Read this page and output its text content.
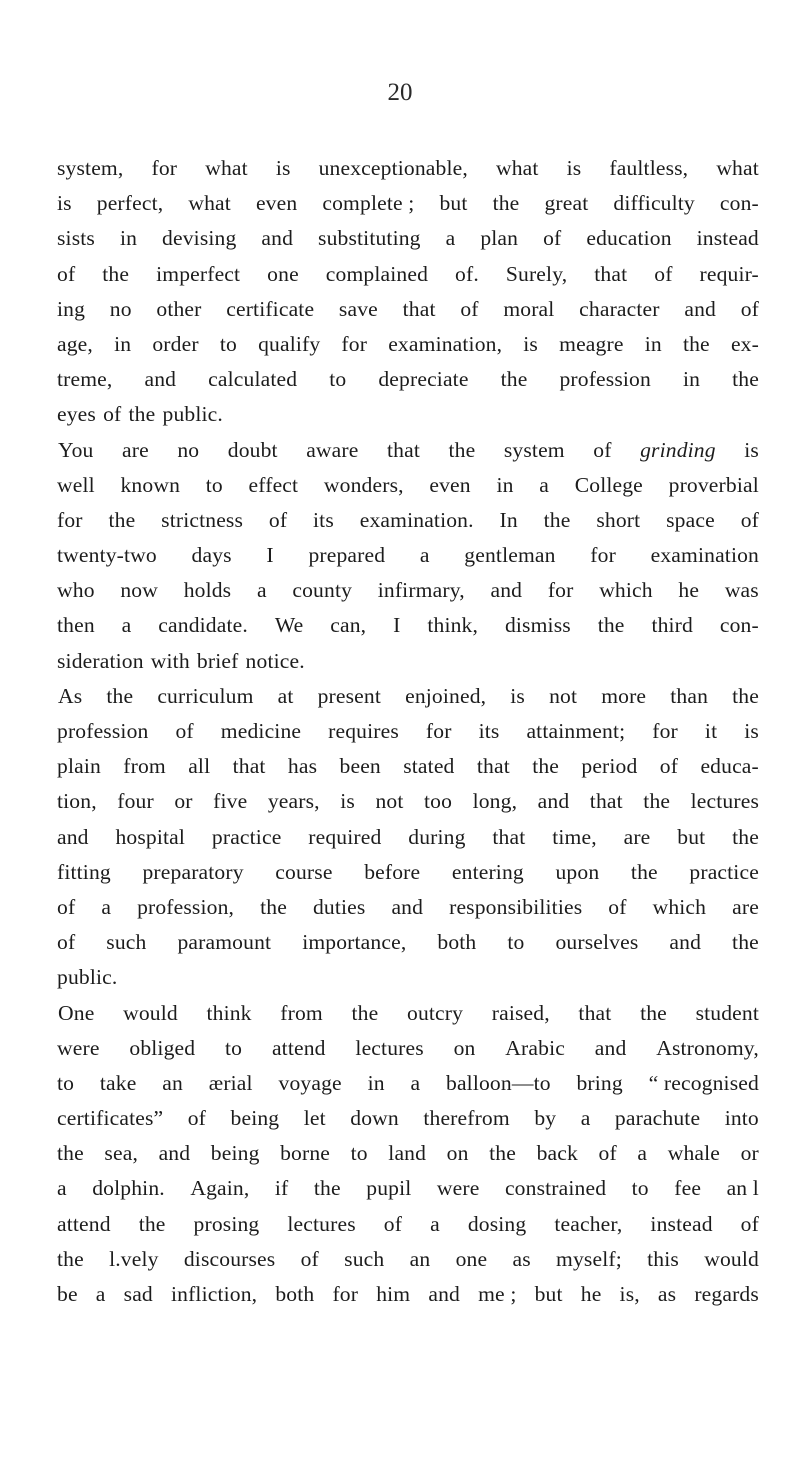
20
system, for what is unexceptionable, what is faultless, what
is perfect, what even complete ; but the great difficulty con-
sists in devising and substituting a plan of education instead
of the imperfect one complained of. Surely, that of requir-
ing no other certificate save that of moral character and of
age, in order to qualify for examination, is meagre in the ex-
treme, and calculated to depreciate the profession in the
eyes of the public.
You are no doubt aware that the system of grinding is
well known to effect wonders, even in a College proverbial
for the strictness of its examination. In the short space of
twenty-two days I prepared a gentleman for examination
who now holds a county infirmary, and for which he was
then a candidate. We can, I think, dismiss the third con-
sideration with brief notice.
As the curriculum at present enjoined, is not more than the
profession of medicine requires for its attainment; for it is
plain from all that has been stated that the period of educa-
tion, four or five years, is not too long, and that the lectures
and hospital practice required during that time, are but the
fitting preparatory course before entering upon the practice
of a profession, the duties and responsibilities of which are
of such paramount importance, both to ourselves and the
public.
One would think from the outcry raised, that the student
were obliged to attend lectures on Arabic and Astronomy,
to take an ærial voyage in a balloon—to bring “ recognised
certificates” of being let down therefrom by a parachute into
the sea, and being borne to land on the back of a whale or
a dolphin. Again, if the pupil were constrained to fee an l
attend the prosing lectures of a dosing teacher, instead of
the l.vely discourses of such an one as myself; this would
be a sad infliction, both for him and me ; but he is, as regards
